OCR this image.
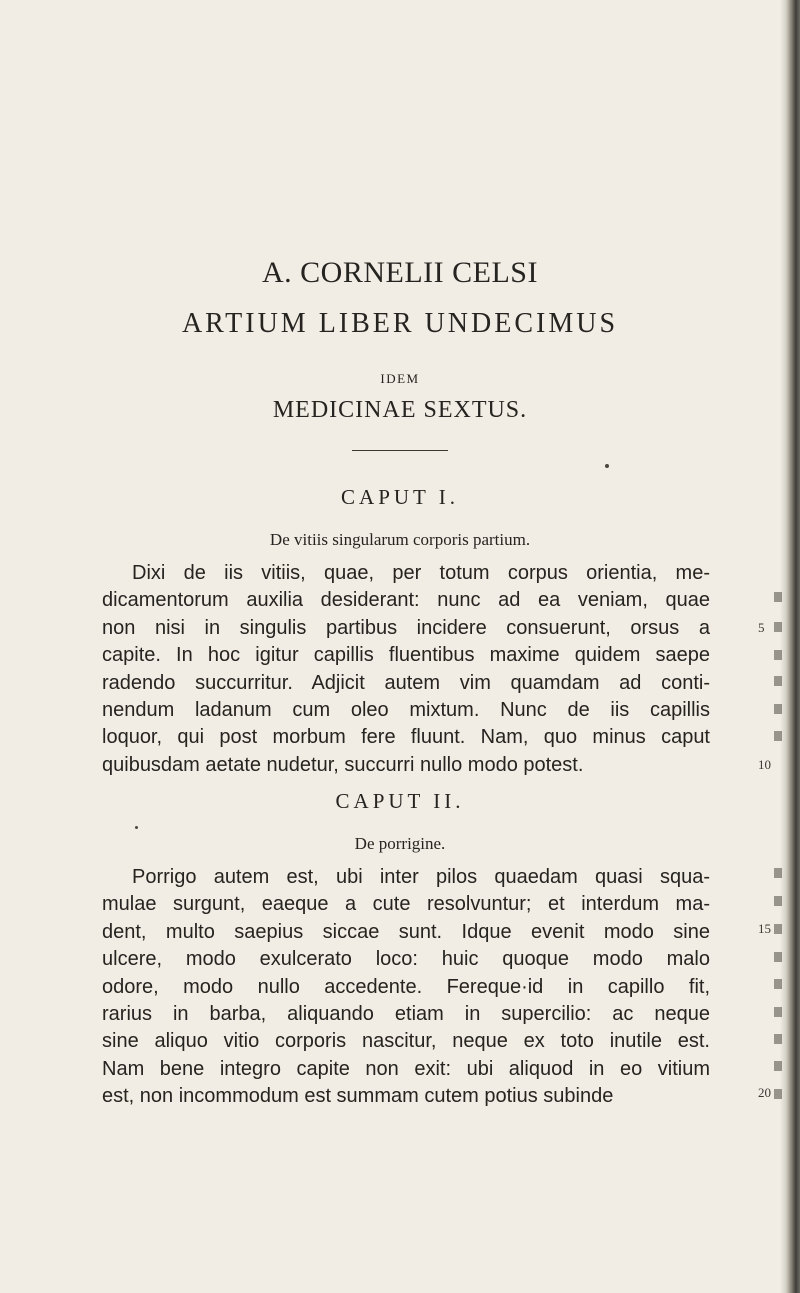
A. CORNELII CELSI
ARTIUM LIBER UNDECIMUS
IDEM
MEDICINAE SEXTUS.
CAPUT I.
De vitiis singularum corporis partium.
Dixi de iis vitiis, quae, per totum corpus orientia, me-
dicamentorum auxilia desiderant: nunc ad ea veniam, quae
non nisi in singulis partibus incidere consuerunt, orsus a
capite. In hoc igitur capillis fluentibus maxime quidem saepe
radendo succurritur. Adjicit autem vim quamdam ad conti-
nendum ladanum cum oleo mixtum. Nunc de iis capillis
loquor, qui post morbum fere fluunt. Nam, quo minus caput
quibusdam aetate nudetur, succurri nullo modo potest.
CAPUT II.
De porrigine.
Porrigo autem est, ubi inter pilos quaedam quasi squa-
mulae surgunt, eaeque a cute resolvuntur; et interdum ma-
dent, multo saepius siccae sunt. Idque evenit modo sine
ulcere, modo exulcerato loco: huic quoque modo malo
odore, modo nullo accedente. Fereque·id in capillo fit,
rarius in barba, aliquando etiam in supercilio: ac neque
sine aliquo vitio corporis nascitur, neque ex toto inutile est.
Nam bene integro capite non exit: ubi aliquod in eo vitium
est, non incommodum est summam cutem potius subinde
5
10
15
20
